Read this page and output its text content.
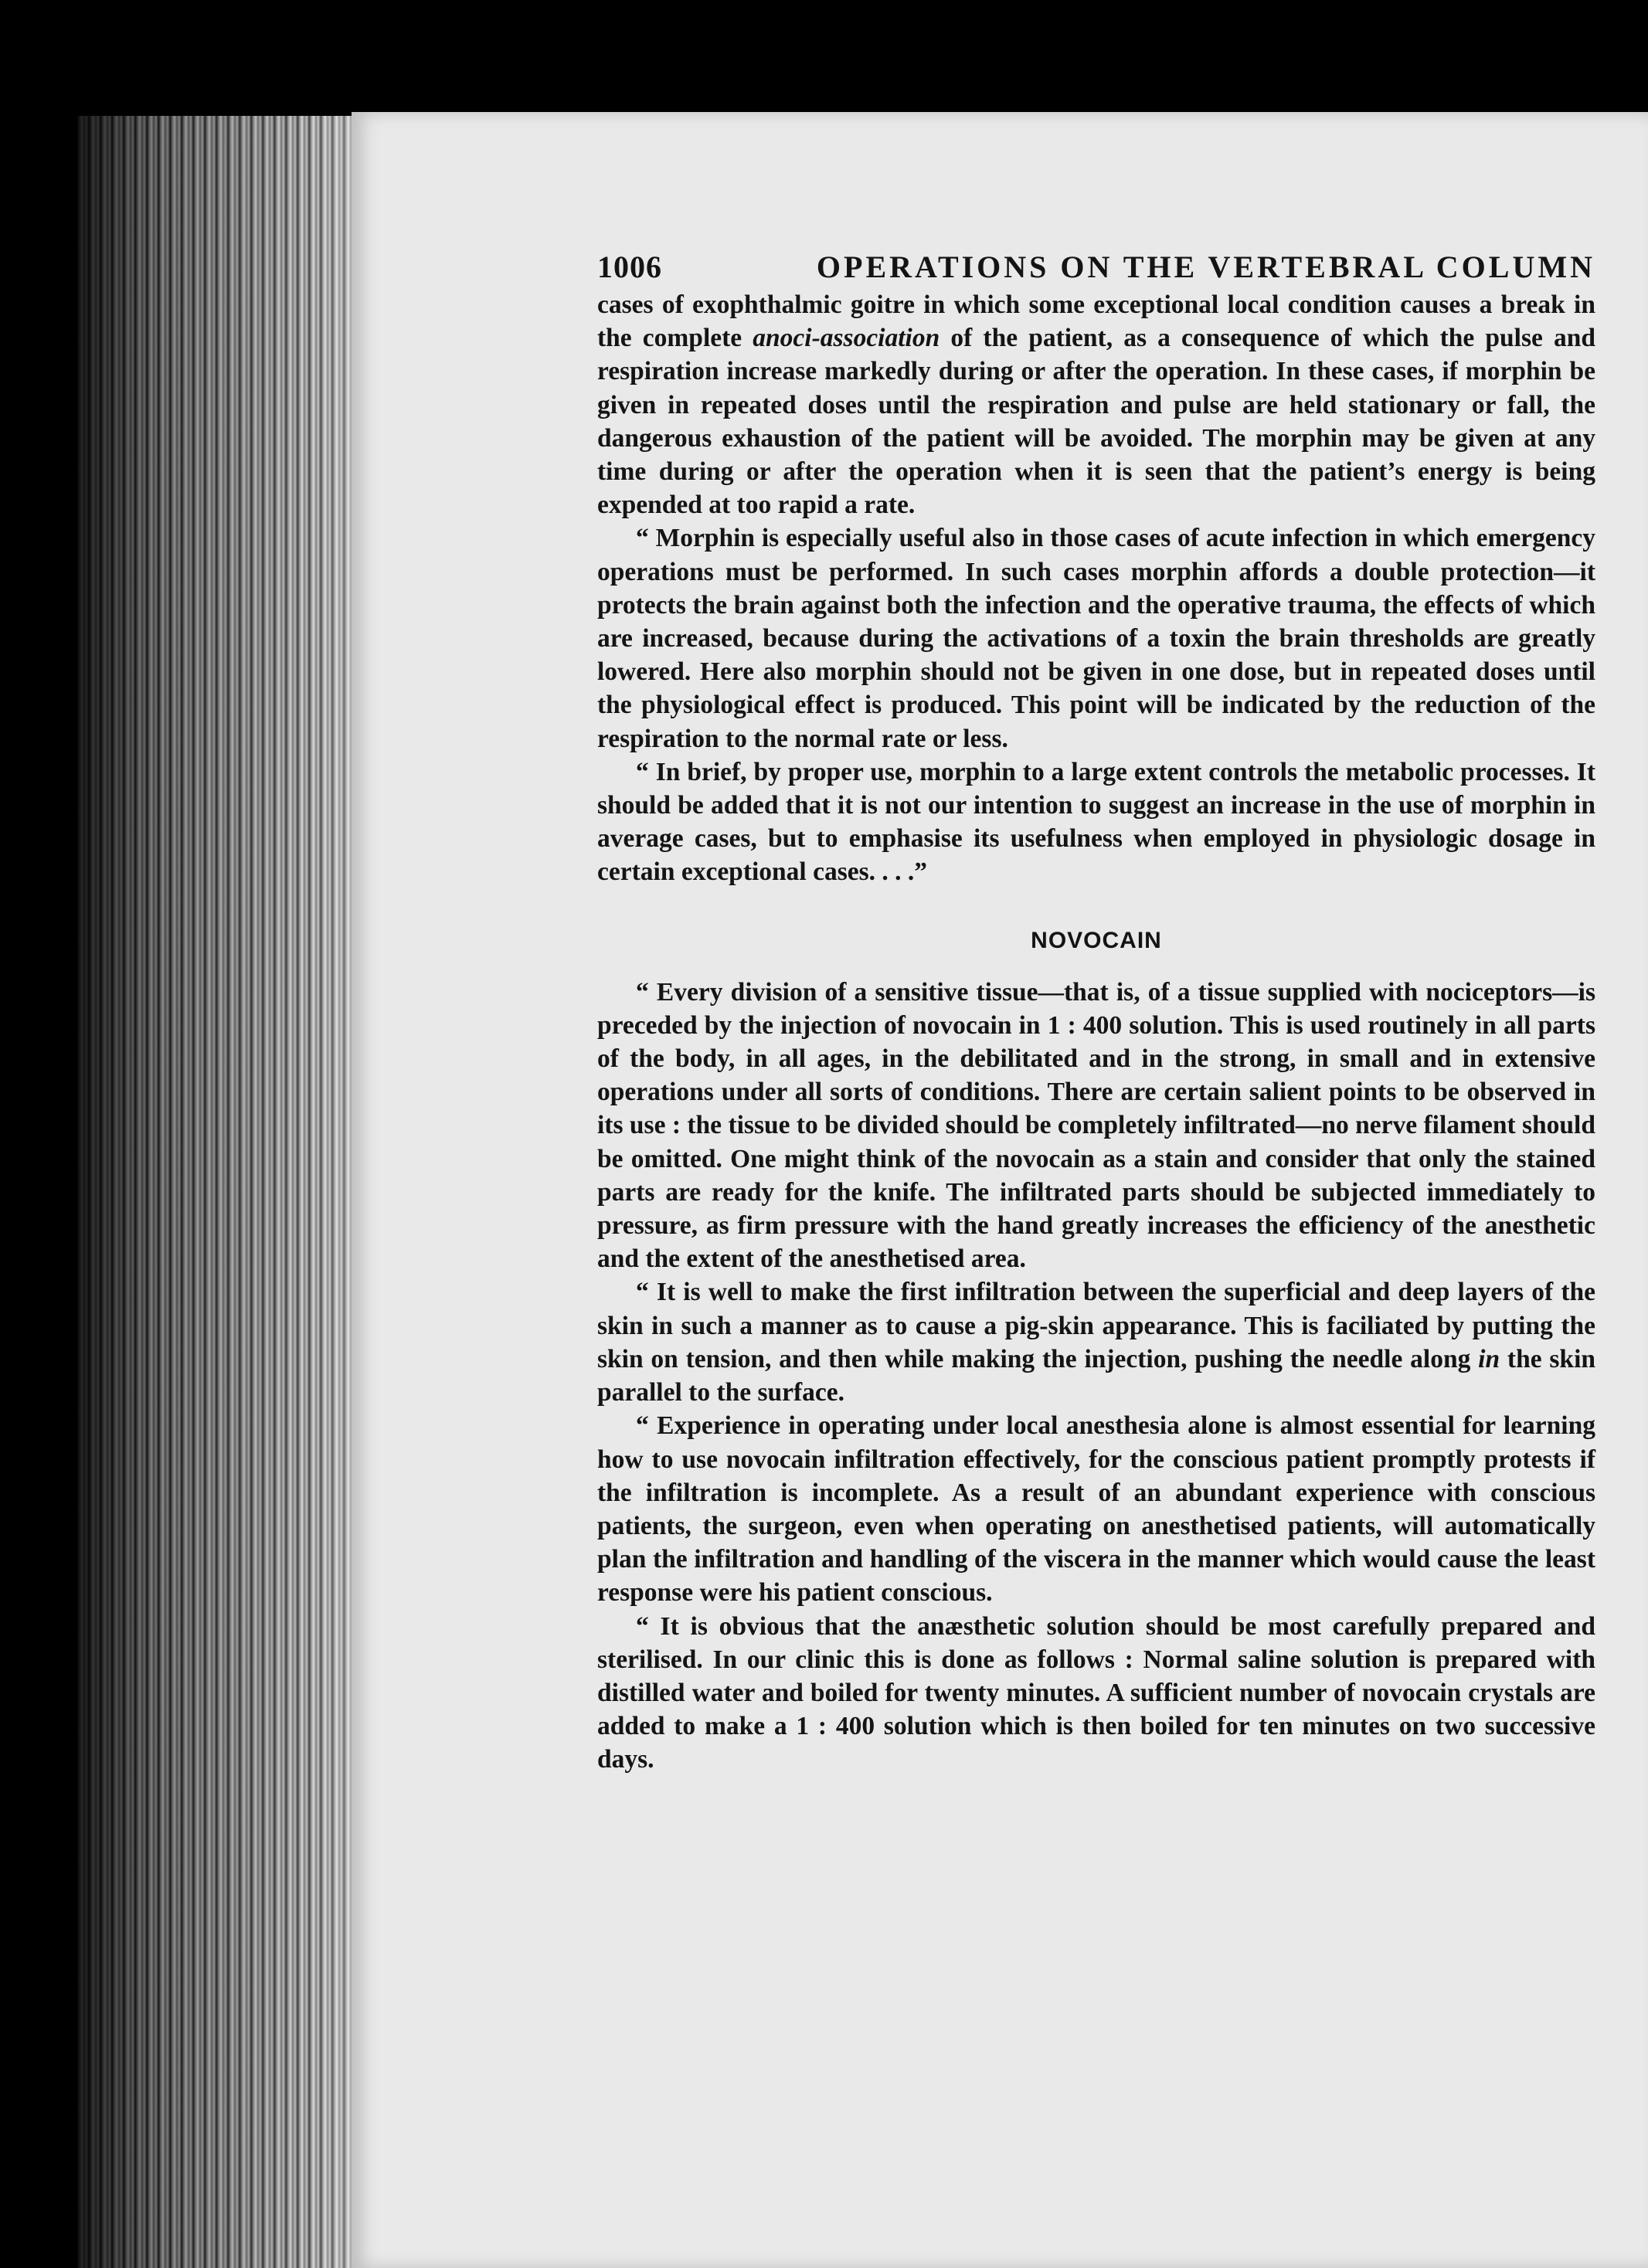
1006	OPERATIONS ON THE VERTEBRAL COLUMN

cases of exophthalmic goitre in which some exceptional local condition causes a break in the complete anoci-association of the patient, as a consequence of which the pulse and respiration increase markedly during or after the operation. In these cases, if morphin be given in repeated doses until the respiration and pulse are held stationary or fall, the dangerous exhaustion of the patient will be avoided. The morphin may be given at any time during or after the operation when it is seen that the patient’s energy is being expended at too rapid a rate.

“ Morphin is especially useful also in those cases of acute infection in which emergency operations must be performed. In such cases morphin affords a double protection—it protects the brain against both the infection and the operative trauma, the effects of which are increased, because during the activations of a toxin the brain thresholds are greatly lowered. Here also morphin should not be given in one dose, but in repeated doses until the physiological effect is produced. This point will be indicated by the reduction of the respiration to the normal rate or less.

“ In brief, by proper use, morphin to a large extent controls the metabolic processes. It should be added that it is not our intention to suggest an increase in the use of morphin in average cases, but to emphasise its usefulness when employed in physiologic dosage in certain exceptional cases. . . .”

NOVOCAIN

“ Every division of a sensitive tissue—that is, of a tissue supplied with nociceptors—is preceded by the injection of novocain in 1 : 400 solution. This is used routinely in all parts of the body, in all ages, in the debilitated and in the strong, in small and in extensive operations under all sorts of conditions. There are certain salient points to be observed in its use : the tissue to be divided should be completely infiltrated—no nerve filament should be omitted. One might think of the novocain as a stain and consider that only the stained parts are ready for the knife. The infiltrated parts should be subjected immediately to pressure, as firm pressure with the hand greatly increases the efficiency of the anesthetic and the extent of the anesthetised area.

“ It is well to make the first infiltration between the superficial and deep layers of the skin in such a manner as to cause a pig-skin appearance. This is faciliated by putting the skin on tension, and then while making the injection, pushing the needle along in the skin parallel to the surface.

“ Experience in operating under local anesthesia alone is almost essential for learning how to use novocain infiltration effectively, for the conscious patient promptly protests if the infiltration is incomplete. As a result of an abundant experience with conscious patients, the surgeon, even when operating on anesthetised patients, will automatically plan the infiltration and handling of the viscera in the manner which would cause the least response were his patient conscious.

“ It is obvious that the anæsthetic solution should be most carefully prepared and sterilised. In our clinic this is done as follows : Normal saline solution is prepared with distilled water and boiled for twenty minutes. A sufficient number of novocain crystals are added to make a 1 : 400 solution which is then boiled for ten minutes on two successive days.
